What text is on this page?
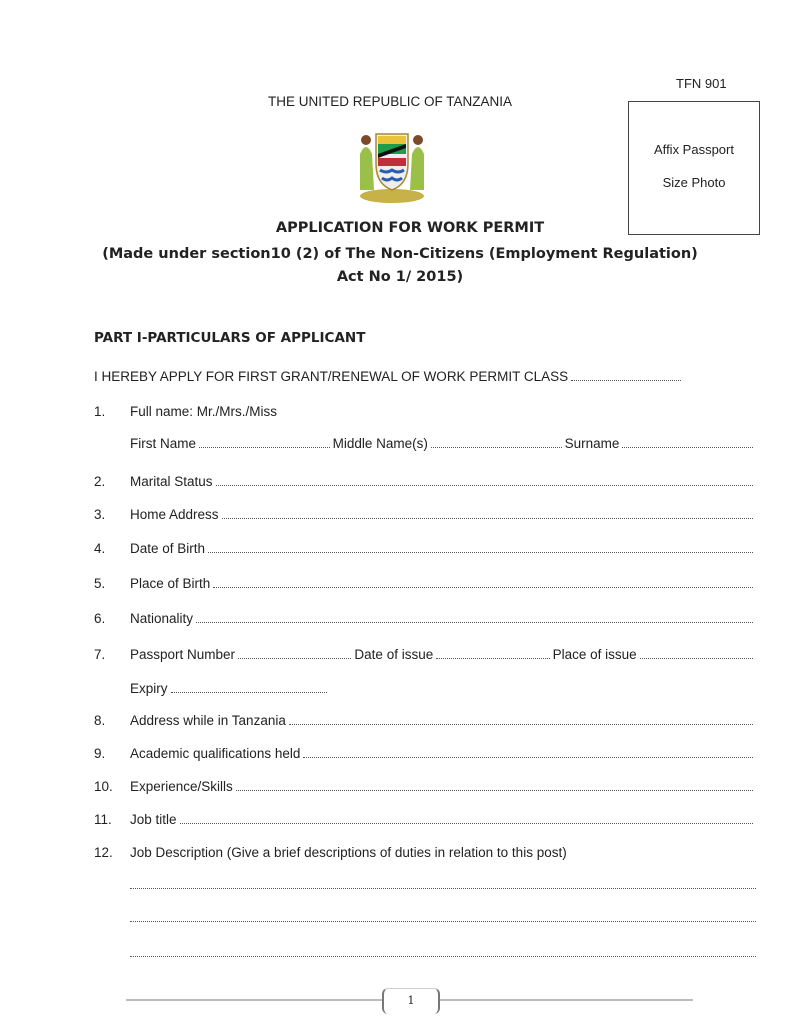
TFN 901
THE UNITED REPUBLIC OF TANZANIA
Affix Passport
Size Photo
APPLICATION FOR WORK PERMIT
(Made under section10 (2) of The Non-Citizens (Employment Regulation)
Act No 1/ 2015)
PART I-PARTICULARS OF APPLICANT
I HEREBY APPLY FOR FIRST GRANT/RENEWAL OF WORK PERMIT CLASS
1.	Full name: Mr./Mrs./Miss
First Name	Middle Name(s)	Surname
2.	Marital Status
3.	Home Address
4.	Date of Birth
5.	Place of Birth
6.	Nationality
7.	Passport Number	Date of issue	Place of issue
Expiry
8.	Address while in Tanzania
9.	Academic qualifications held
10.	Experience/Skills
11.	Job title
12.	Job Description (Give a brief descriptions of duties in relation to this post)
1
